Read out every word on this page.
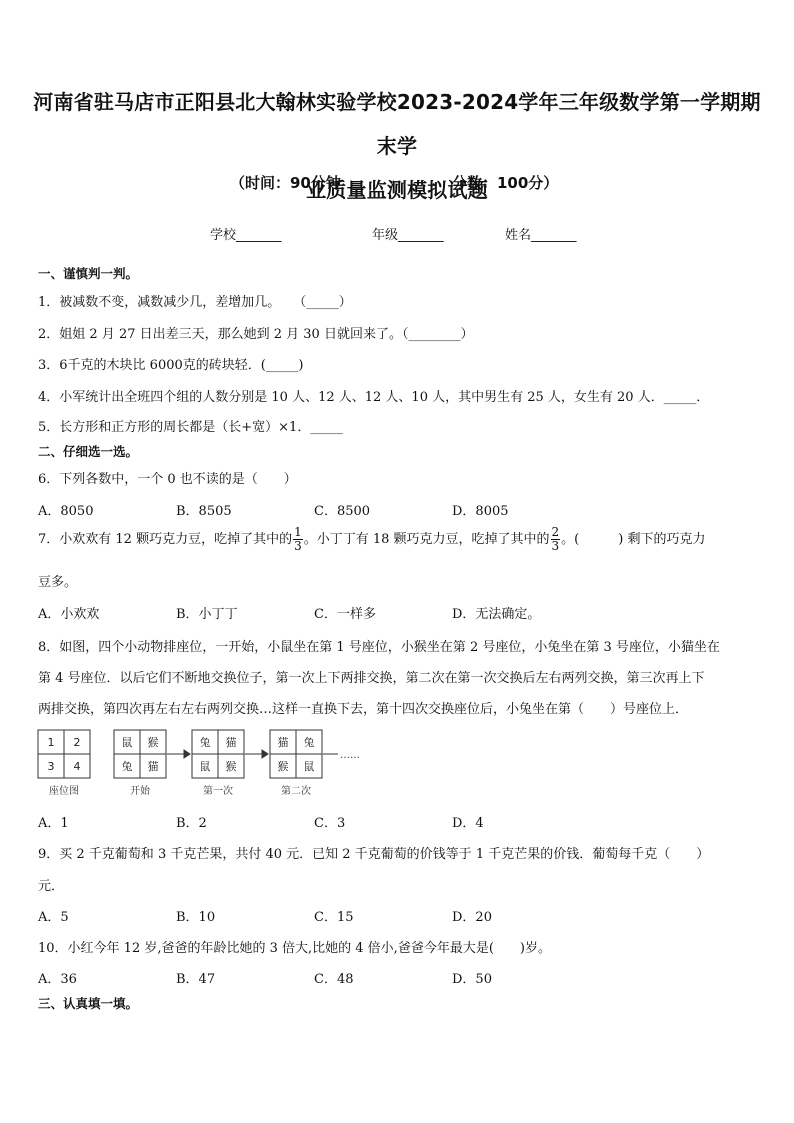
河南省驻马店市正阳县北大翰林实验学校2023-2024学年三年级数学第一学期期末学
业质量监测模拟试题
（时间：90分钟	分数：100分）
学校_______	年级_______	姓名_______
一、谨慎判一判。
1．被减数不变，减数减少几，差增加几。　　（_____）
2．姐姐 2 月 27 日出差三天，那么她到 2 月 30 日就回来了。（________）
3．6千克的木块比 6000克的砖块轻．(_____)
4．小军统计出全班四个组的人数分别是 10 人、12 人、12 人、10 人，其中男生有 25 人，女生有 20 人．_____．
5．长方形和正方形的周长都是（长+宽）×1．_____
二、仔细选一选。
6．下列各数中，一个 0 也不读的是（　　）
A．8050	B．8505	C．8500	D．8005
7．小欢欢有 12 颗巧克力豆，吃掉了其中的 $\frac{1}{3}$ 。小丁丁有 18 颗巧克力豆，吃掉了其中的 $\frac{2}{3}$ 。(　　　) 剩下的巧克力
豆多。
A．小欢欢	B．小丁丁	C．一样多	D．无法确定。
8．如图，四个小动物排座位，一开始，小鼠坐在第 1 号座位，小猴坐在第 2 号座位，小兔坐在第 3 号座位，小猫坐在
第 4 号座位．以后它们不断地交换位子，第一次上下两排交换，第二次在第一次交换后左右两列交换，第三次再上下
两排交换，第四次再左右左右两列交换…这样一直换下去，第十四次交换座位后，小兔坐在第（　　）号座位上．
1 2
3 4
鼠 猴
兔 猫
兔 猫
鼠 猴
猫 兔
猴 鼠
……
座位图	开始	第一次	第二次
A．1	B．2	C．3	D．4
9．买 2 千克葡萄和 3 千克芒果，共付 40 元．已知 2 千克葡萄的价钱等于 1 千克芒果的价钱．葡萄每千克（　　）
元．
A．5	B．10	C．15	D．20
10．小红今年 12 岁,爸爸的年龄比她的 3 倍大,比她的 4 倍小,爸爸今年最大是(　　)岁。
A．36	B．47	C．48	D．50
三、认真填一填。
